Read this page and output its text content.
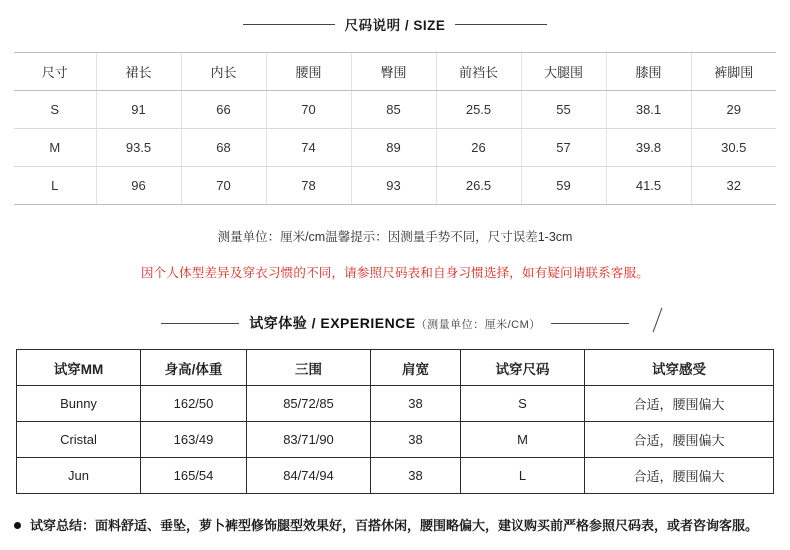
尺码说明 / SIZE
尺寸	裙长	内长	腰围	臀围	前裆长	大腿围	膝围	裤脚围
S	91	66	70	85	25.5	55	38.1	29
M	93.5	68	74	89	26	57	39.8	30.5
L	96	70	78	93	26.5	59	41.5	32
测量单位：厘米/cm温馨提示：因测量手势不同，尺寸误差1-3cm
因个人体型差异及穿衣习惯的不同，请参照尺码表和自身习惯选择，如有疑问请联系客服。
试穿体验 / EXPERIENCE（测量单位：厘米/CM）
试穿MM	身高/体重	三围	肩宽	试穿尺码	试穿感受
Bunny	162/50	85/72/85	38	S	合适，腰围偏大
Cristal	163/49	83/71/90	38	M	合适，腰围偏大
Jun	165/54	84/74/94	38	L	合适，腰围偏大
试穿总结：面料舒适、垂坠，萝卜裤型修饰腿型效果好，百搭休闲，腰围略偏大，建议购买前严格参照尺码表，或者咨询客服。
